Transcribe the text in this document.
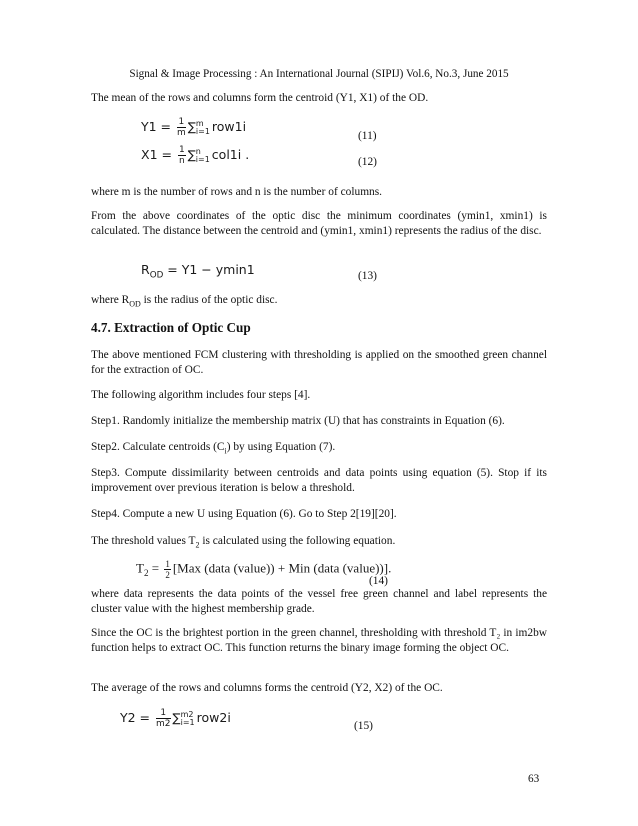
Signal & Image Processing : An International Journal (SIPIJ) Vol.6, No.3, June 2015
The mean of the rows and columns form the centroid (Y1, X1) of the OD.
$Y1 = \frac{1}{m}$ ∑ m
i=1 row1i
(11)
$X1 = \frac{1}{n}$ ∑ n
i=1 col1i .	(12)
where m is the number of rows and n is the number of columns.
From the above coordinates of the optic disc the minimum coordinates (ymin1, xmin1) is calculated. The distance between the centroid and (ymin1, xmin1) represents the radius of the disc.
$R_{OD} = Y1 - ymin1$	(13)
where $R_{OD}$ is the radius of the optic disc.
4.7. Extraction of Optic Cup
The above mentioned FCM clustering with thresholding is applied on the smoothed green channel for the extraction of OC.
The following algorithm includes four steps [4].
Step1. Randomly initialize the membership matrix (U) that has constraints in Equation (6).
Step2. Calculate centroids $(C_i)$ by using Equation (7).
Step3. Compute dissimilarity between centroids and data points using equation (5). Stop if its improvement over previous iteration is below a threshold.
Step4. Compute a new U using Equation (6). Go to Step 2[19][20].
The threshold values $T_2$ is calculated using the following equation.
$T_2 = \frac{1}{2} [Max$ (data (value)) + Min (data (value))].
(14)
where data represents the data points of the vessel free green channel and label represents the cluster value with the highest membership grade.
Since the OC is the brightest portion in the green channel, thresholding with threshold T₂ in im2bw function helps to extract OC. This function returns the binary image forming the object OC.
The average of the rows and columns forms the centroid (Y2, X2) of the OC.
$Y2 = \frac{1}{m2}$ ∑ m2
i=1 row2i
(15)
63
